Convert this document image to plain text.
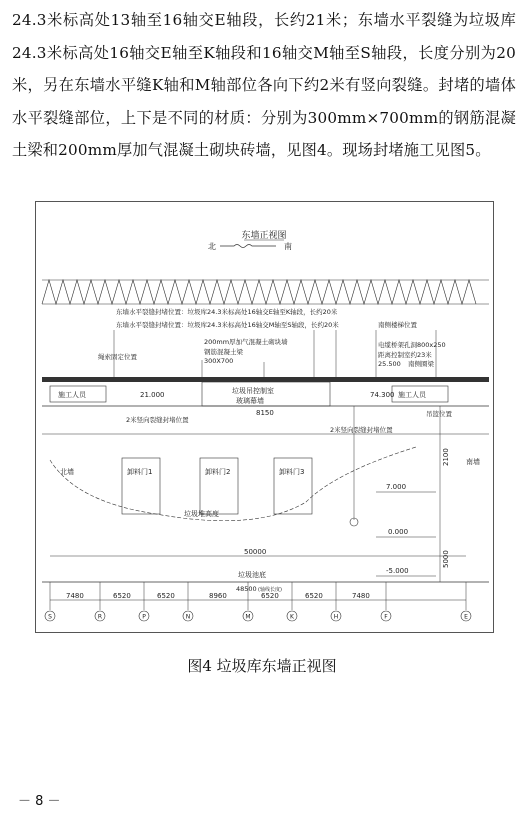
24.3米标高处13轴至16轴交E轴段，长约21米；东墙水平裂缝为垃圾库24.3米标高处16轴交E轴至K轴段和16轴交M轴至S轴段，长度分别为20米，另在东墙水平缝K轴和M轴部位各向下约2米有竖向裂缝。封堵的墙体水平裂缝部位，上下是不同的材质：分别为300mm×700mm的钢筋混凝土梁和200mm厚加气混凝土砌块砖墙，见图4。现场封堵施工见图5。
东墙正视图
北	南
东墙水平裂缝封堵位置：垃圾库24.3米标高处16轴交E轴至K轴段，长约20米
东墙水平裂缝封堵位置：垃圾库24.3米标高处16轴交M轴至S轴段，长约20米	南侧楼梯位置
200mm厚加气混凝土砌块墙
钢筋混凝土梁
300X700
电缆桥架孔洞800x250
距离控制室约23米
25.500 南侧圈梁
绳索固定位置
施工人员	施工人员
21.000	74.300
垃圾吊控制室
玻璃幕墙
8150
2米竖向裂缝封堵位置
2米竖向裂缝封堵位置
吊篮位置
北墙
南墙
卸料门1	卸料门2	卸料门3
垃圾堆高度
7.000
0.000
-5.000
2100
5000
50000
垃圾池底
48500 (轴线长度)
7480	6520	6520	8960	6520	6520	7480
S	R	P	N	M	K	H	F	E
图4 垃圾库东墙正视图
－ 8 －
